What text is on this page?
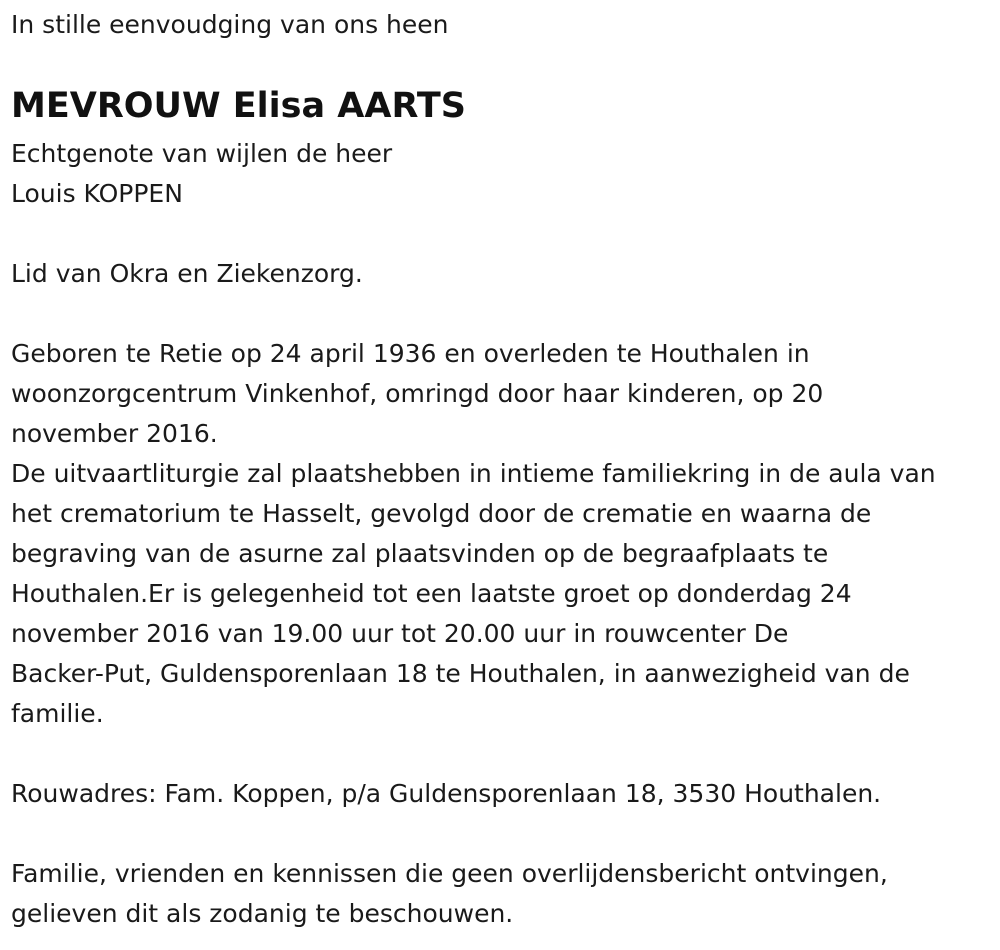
In stille eenvoudging van ons heen
MEVROUW Elisa AARTS
Echtgenote van wijlen de heer
Louis KOPPEN
Lid van Okra en Ziekenzorg.
Geboren te Retie op 24 april 1936 en overleden te Houthalen in
woonzorgcentrum Vinkenhof, omringd door haar kinderen, op 20
november 2016.
De uitvaartliturgie zal plaatshebben in intieme familiekring in de aula van
het crematorium te Hasselt, gevolgd door de crematie en waarna de
begraving van de asurne zal plaatsvinden op de begraafplaats te
Houthalen.Er is gelegenheid tot een laatste groet op donderdag 24
november 2016 van 19.00 uur tot 20.00 uur in rouwcenter De
Backer-Put, Guldensporenlaan 18 te Houthalen, in aanwezigheid van de
familie.
Rouwadres: Fam. Koppen, p/a Guldensporenlaan 18, 3530 Houthalen.
Familie, vrienden en kennissen die geen overlijdensbericht ontvingen,
gelieven dit als zodanig te beschouwen.
